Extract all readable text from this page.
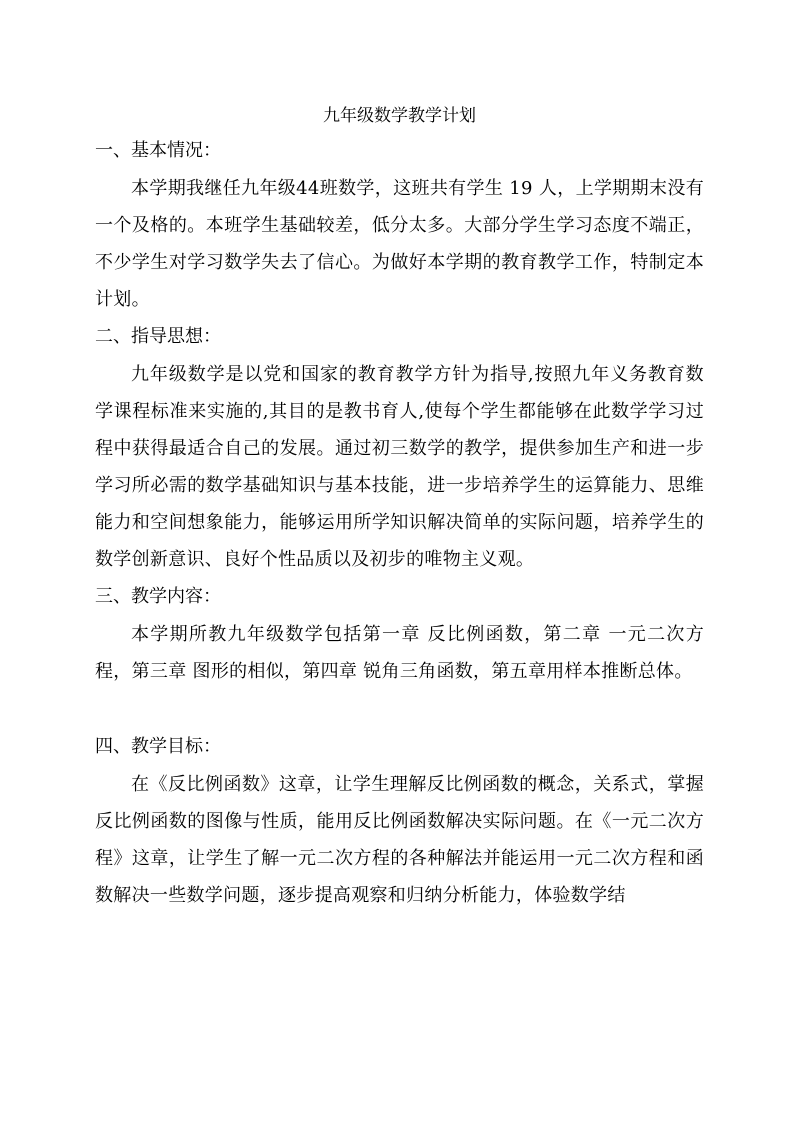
九年级数学教学计划
一、基本情况：

本学期我继任九年级44班数学，这班共有学生 19 人，上学期期末没有一个及格的。本班学生基础较差，低分太多。大部分学生学习态度不端正，不少学生对学习数学失去了信心。为做好本学期的教育教学工作，特制定本计划。

二、指导思想：

九年级数学是以党和国家的教育教学方针为指导,按照九年义务教育数学课程标准来实施的,其目的是教书育人,使每个学生都能够在此数学学习过程中获得最适合自己的发展。通过初三数学的教学，提供参加生产和进一步学习所必需的数学基础知识与基本技能，进一步培养学生的运算能力、思维能力和空间想象能力，能够运用所学知识解决简单的实际问题，培养学生的数学创新意识、良好个性品质以及初步的唯物主义观。

三、教学内容：

本学期所教九年级数学包括第一章 反比例函数，第二章 一元二次方程，第三章 图形的相似，第四章 锐角三角函数，第五章用样本推断总体。

四、教学目标：

在《反比例函数》这章，让学生理解反比例函数的概念，关系式，掌握反比例函数的图像与性质，能用反比例函数解决实际问题。在《一元二次方程》这章，让学生了解一元二次方程的各种解法并能运用一元二次方程和函数解决一些数学问题，逐步提高观察和归纳分析能力，体验数学结
